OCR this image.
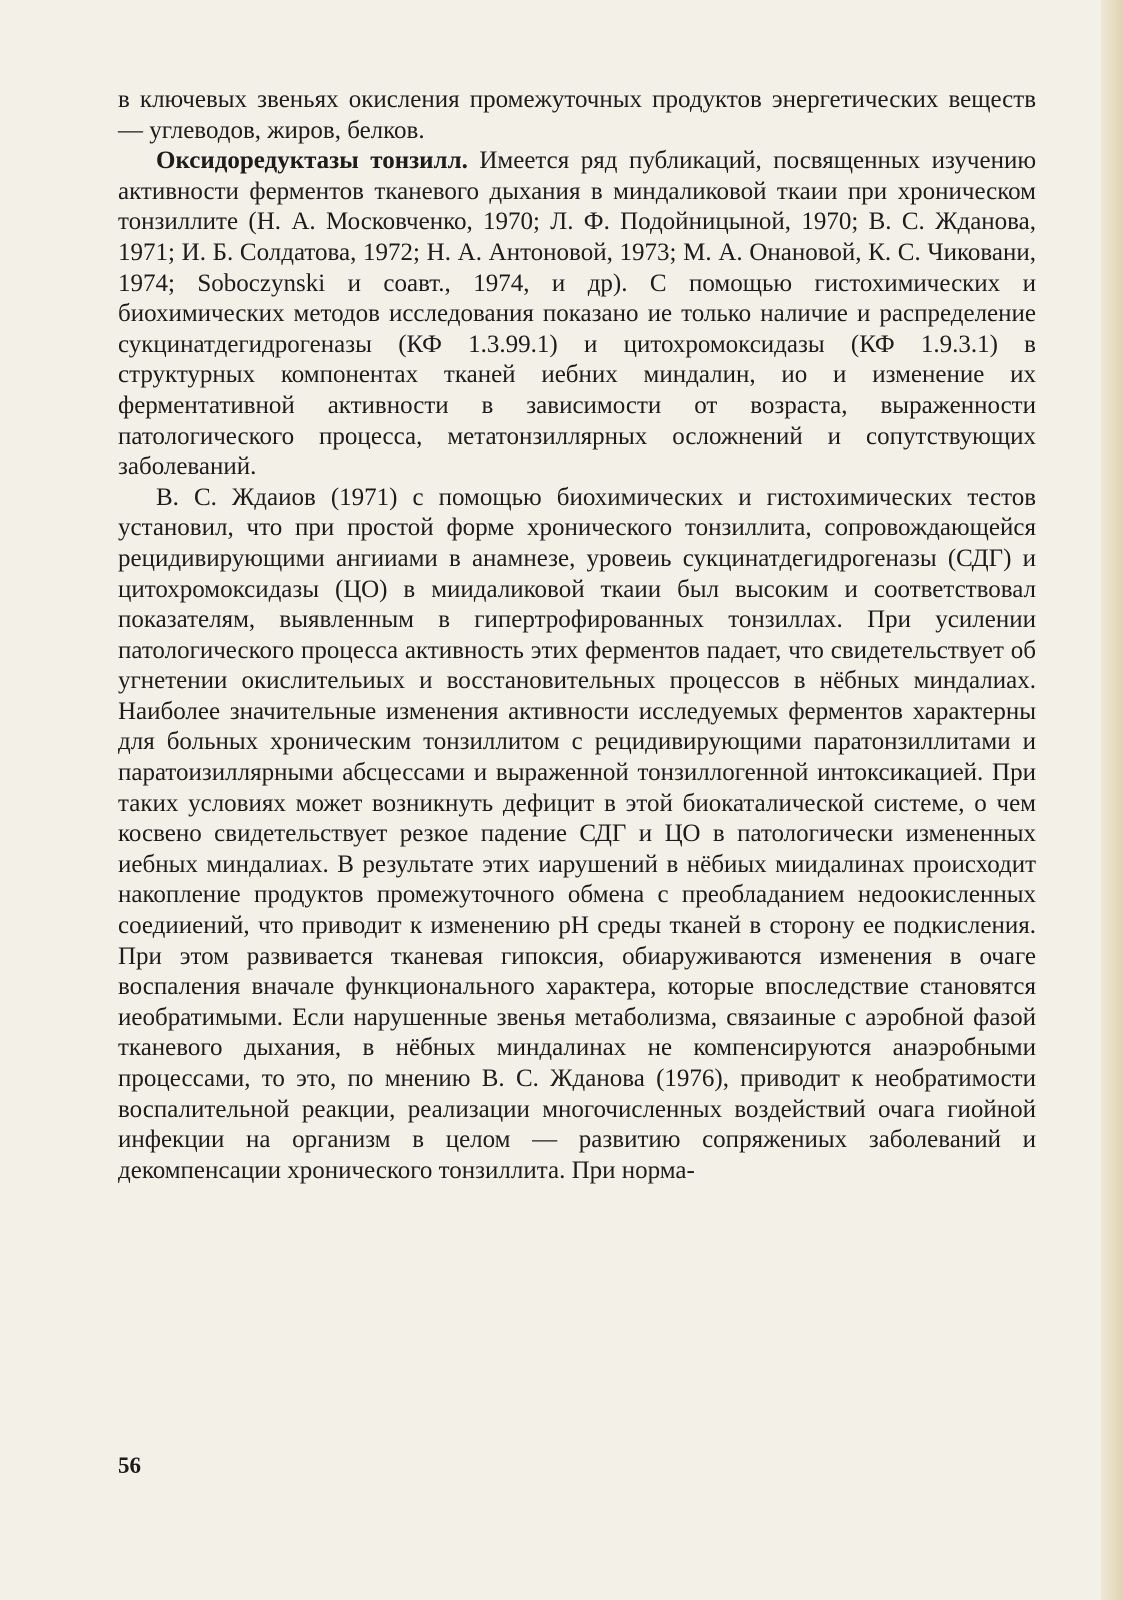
в ключевых звеньях окисления промежуточных продуктов энергетических веществ — углеводов, жиров, белков.

Оксидоредуктазы тонзилл. Имеется ряд публикаций, посвященных изучению активности ферментов тканевого дыхания в миндаликовой ткаии при хроническом тонзиллите (Н. А. Московченко, 1970; Л. Ф. Подойницыной, 1970; В. С. Жданова, 1971; И. Б. Солдатова, 1972; Н. А. Антоновой, 1973; М. А. Онановой, К. С. Чиковани, 1974; Soboczynski и соавт., 1974, и др). С помощью гистохимических и биохимических методов исследования показано ие только наличие и распределение сукцинатдегидрогеназы (КФ 1.3.99.1) и цитохромоксидазы (КФ 1.9.3.1) в структурных компонентах тканей иебних миндалин, ио и изменение их ферментативной активности в зависимости от возраста, выраженности патологического процесса, метатонзиллярных осложнений и сопутствующих заболеваний.

В. С. Ждаиов (1971) с помощью биохимических и гистохимических тестов установил, что при простой форме хронического тонзиллита, сопровождающейся рецидивирующими ангииами в анамнезе, уровеиь сукцинатдегидрогеназы (СДГ) и цитохромоксидазы (ЦО) в миидаликовой ткаии был высоким и соответствовал показателям, выявленным в гипертрофированных тонзиллах. При усилении патологического процесса активность этих ферментов падает, что свидетельствует об угнетении окислительиых и восстановительных процессов в нёбных миндалиах. Наиболее значительные изменения активности исследуемых ферментов характерны для больных хроническим тонзиллитом с рецидивирующими паратонзиллитами и паратоизиллярными абсцессами и выраженной тонзиллогенной интоксикацией. При таких условиях может возникнуть дефицит в этой биокаталической системе, о чем косвено свидетельствует резкое падение СДГ и ЦО в патологически измененных иебных миндалиах. В результате этих иарушений в нёбиых миидалинах происходит накопление продуктов промежуточного обмена с преобладанием недоокисленных соедииений, что приводит к изменению рН среды тканей в сторону ее подкисления. При этом развивается тканевая гипоксия, обиаруживаются изменения в очаге воспаления вначале функционального характера, которые впоследствие становятся иеобратимыми. Если нарушенные звенья метаболизма, связаиные с аэробной фазой тканевого дыхания, в нёбных миндалинах не компенсируются анаэробными процессами, то это, по мнению В. С. Жданова (1976), приводит к необратимости воспалительной реакции, реализации многочисленных воздействий очага гиойной инфекции на организм в целом — развитию сопряжениых заболеваний и декомпенсации хронического тонзиллита. При норма-

56
